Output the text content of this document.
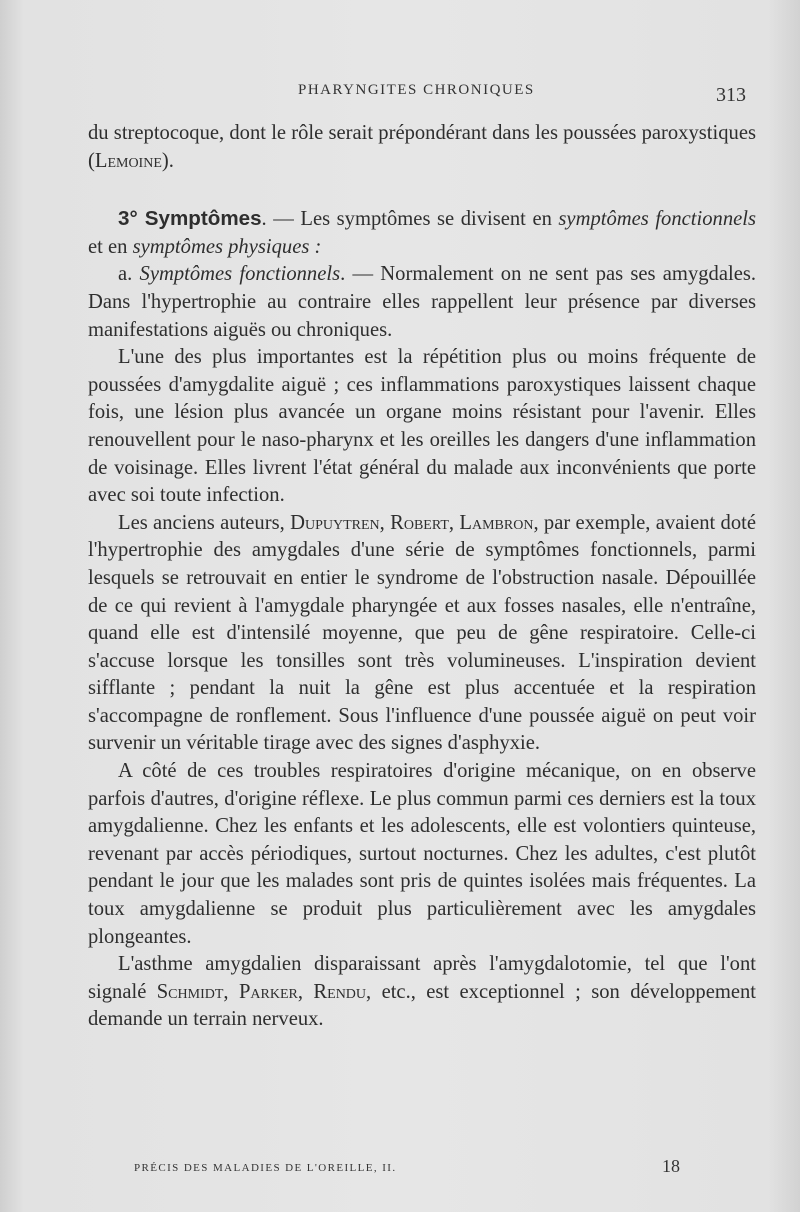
PHARYNGITES CHRONIQUES	313

du streptocoque, dont le rôle serait prépondérant dans les poussées paroxystiques (Lemoine).

3° Symptômes. — Les symptômes se divisent en symptômes fonctionnels et en symptômes physiques :

a. Symptômes fonctionnels. — Normalement on ne sent pas ses amygdales. Dans l'hypertrophie au contraire elles rappellent leur présence par diverses manifestations aiguës ou chroniques.

L'une des plus importantes est la répétition plus ou moins fréquente de poussées d'amygdalite aiguë ; ces inflammations paroxystiques laissent chaque fois, une lésion plus avancée un organe moins résistant pour l'avenir. Elles renouvellent pour le naso-pharynx et les oreilles les dangers d'une inflammation de voisinage. Elles livrent l'état général du malade aux inconvénients que porte avec soi toute infection.

Les anciens auteurs, Dupuytren, Robert, Lambron, par exemple, avaient doté l'hypertrophie des amygdales d'une série de symptômes fonctionnels, parmi lesquels se retrouvait en entier le syndrome de l'obstruction nasale. Dépouillée de ce qui revient à l'amygdale pharyngée et aux fosses nasales, elle n'entraîne, quand elle est d'intensilé moyenne, que peu de gêne respiratoire. Celle-ci s'accuse lorsque les tonsilles sont très volumineuses. L'inspiration devient sifflante ; pendant la nuit la gêne est plus accentuée et la respiration s'accompagne de ronflement. Sous l'influence d'une poussée aiguë on peut voir survenir un véritable tirage avec des signes d'asphyxie.

A côté de ces troubles respiratoires d'origine mécanique, on en observe parfois d'autres, d'origine réflexe. Le plus commun parmi ces derniers est la toux amygdalienne. Chez les enfants et les adolescents, elle est volontiers quinteuse, revenant par accès périodiques, surtout nocturnes. Chez les adultes, c'est plutôt pendant le jour que les malades sont pris de quintes isolées mais fréquentes. La toux amygdalienne se produit plus particulièrement avec les amygdales plongeantes.

L'asthme amygdalien disparaissant après l'amygdalotomie, tel que l'ont signalé Schmidt, Parker, Rendu, etc., est exceptionnel ; son développement demande un terrain nerveux.

PRÉCIS DES MALADIES DE L'OREILLE, II.	18
